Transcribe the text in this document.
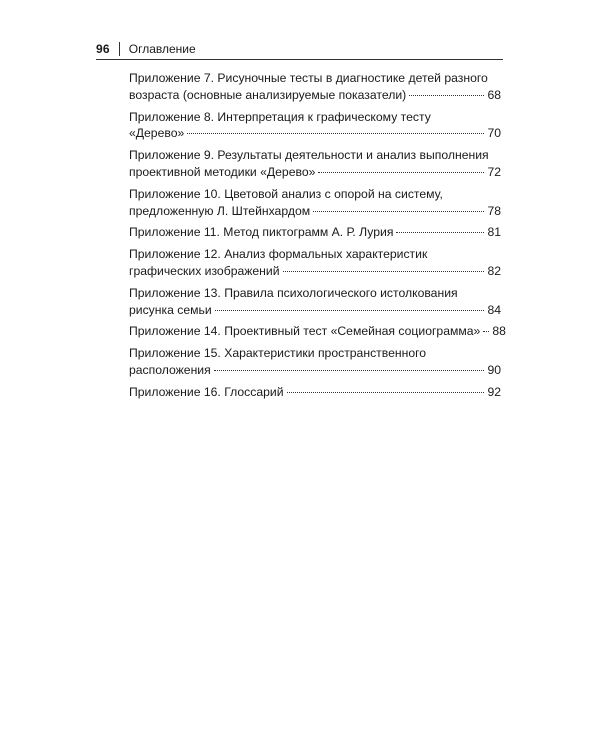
96 Оглавление
Приложение 7. Рисуночные тесты в диагностике детей разного
возраста (основные анализируемые показатели)	68
Приложение 8. Интерпретация к графическому тесту
«Дерево»	70
Приложение 9. Результаты деятельности и анализ выполнения
проективной методики «Дерево»	72
Приложение 10. Цветовой анализ с опорой на систему,
предложенную Л. Штейнхардом	78
Приложение 11. Метод пиктограмм А. Р. Лурия	81
Приложение 12. Анализ формальных характеристик
графических изображений	82
Приложение 13. Правила психологического истолкования
рисунка семьи	84
Приложение 14. Проективный тест «Семейная социограмма» 88
Приложение 15. Характеристики пространственного
расположения	90
Приложение 16. Глоссарий	92
